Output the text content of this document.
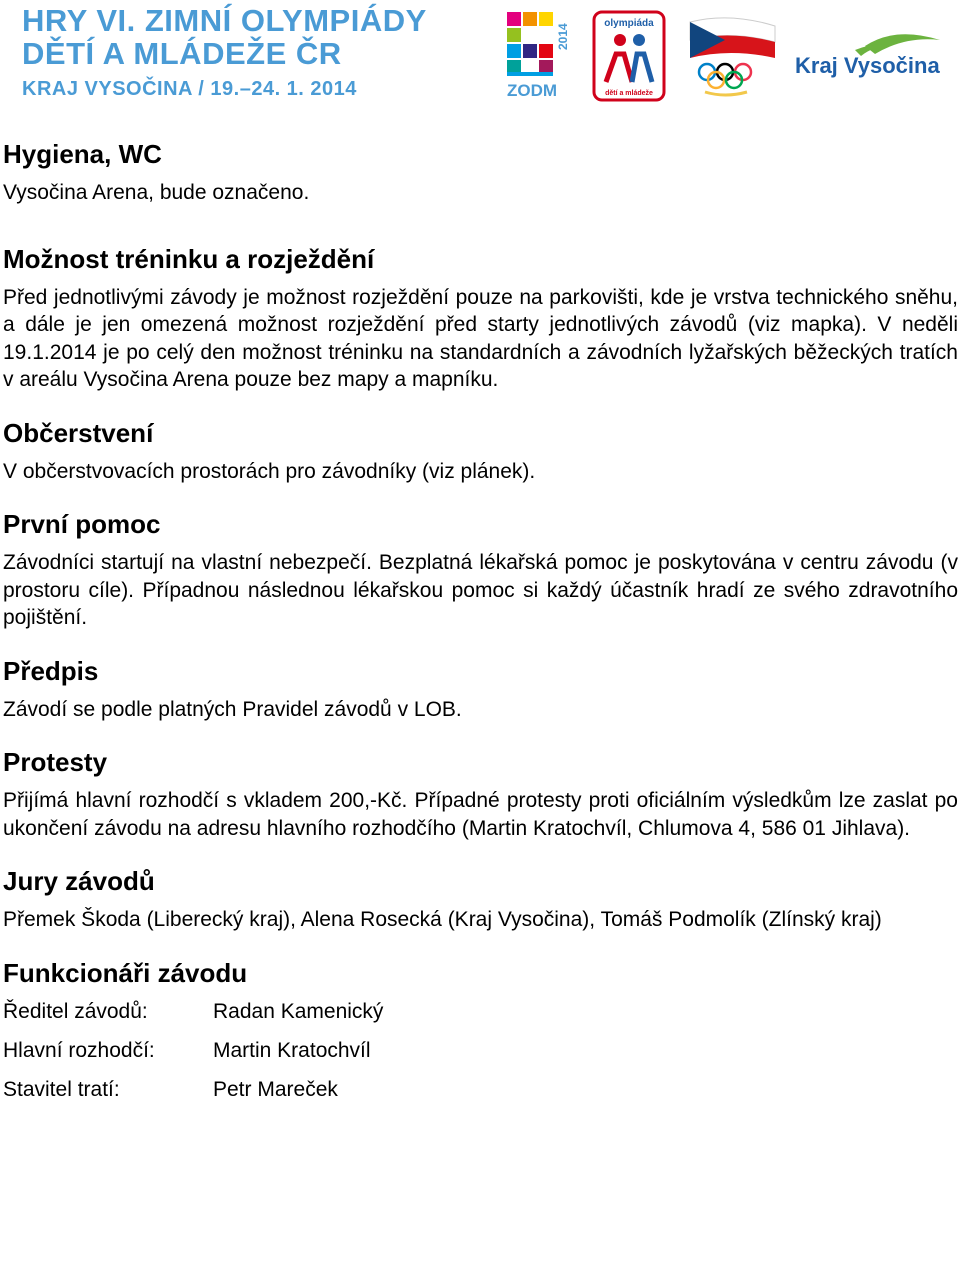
HRY VI. ZIMNÍ OLYMPIÁDY
DĚTÍ A MLÁDEŽE ČR
KRAJ VYSOČINA / 19.–24. 1. 2014
2014
ZODM
olympiáda
dětí a mládeže
Kraj Vysočina
Hygiena, WC

Vysočina Arena, bude označeno.

Možnost tréninku a rozježdění

Před jednotlivými závody je možnost rozježdění pouze na parkovišti, kde je vrstva technického sněhu, a dále je jen omezená možnost rozježdění před starty jednotlivých závodů (viz mapka). V neděli 19.1.2014 je po celý den možnost tréninku na standardních a závodních lyžařských běžeckých tratích v areálu Vysočina Arena pouze bez mapy a mapníku.

Občerstvení

V občerstvovacích prostorách pro závodníky (viz plánek).

První pomoc

Závodníci startují na vlastní nebezpečí. Bezplatná lékařská pomoc je poskytována v centru závodu (v prostoru cíle). Případnou následnou lékařskou pomoc si každý účastník hradí ze svého zdravotního pojištění.

Předpis

Závodí se podle platných Pravidel závodů v LOB.

Protesty

Přijímá hlavní rozhodčí s vkladem 200,-Kč. Případné protesty proti oficiálním výsledkům lze zaslat po ukončení závodu na adresu hlavního rozhodčího (Martin Kratochvíl, Chlumova 4, 586 01 Jihlava).

Jury závodů

Přemek Škoda (Liberecký kraj), Alena Rosecká (Kraj Vysočina), Tomáš Podmolík (Zlínský kraj)

Funkcionáři závodu
Ředitel závodů:	Radan Kamenický
Hlavní rozhodčí:	Martin Kratochvíl
Stavitel tratí:	Petr Mareček
